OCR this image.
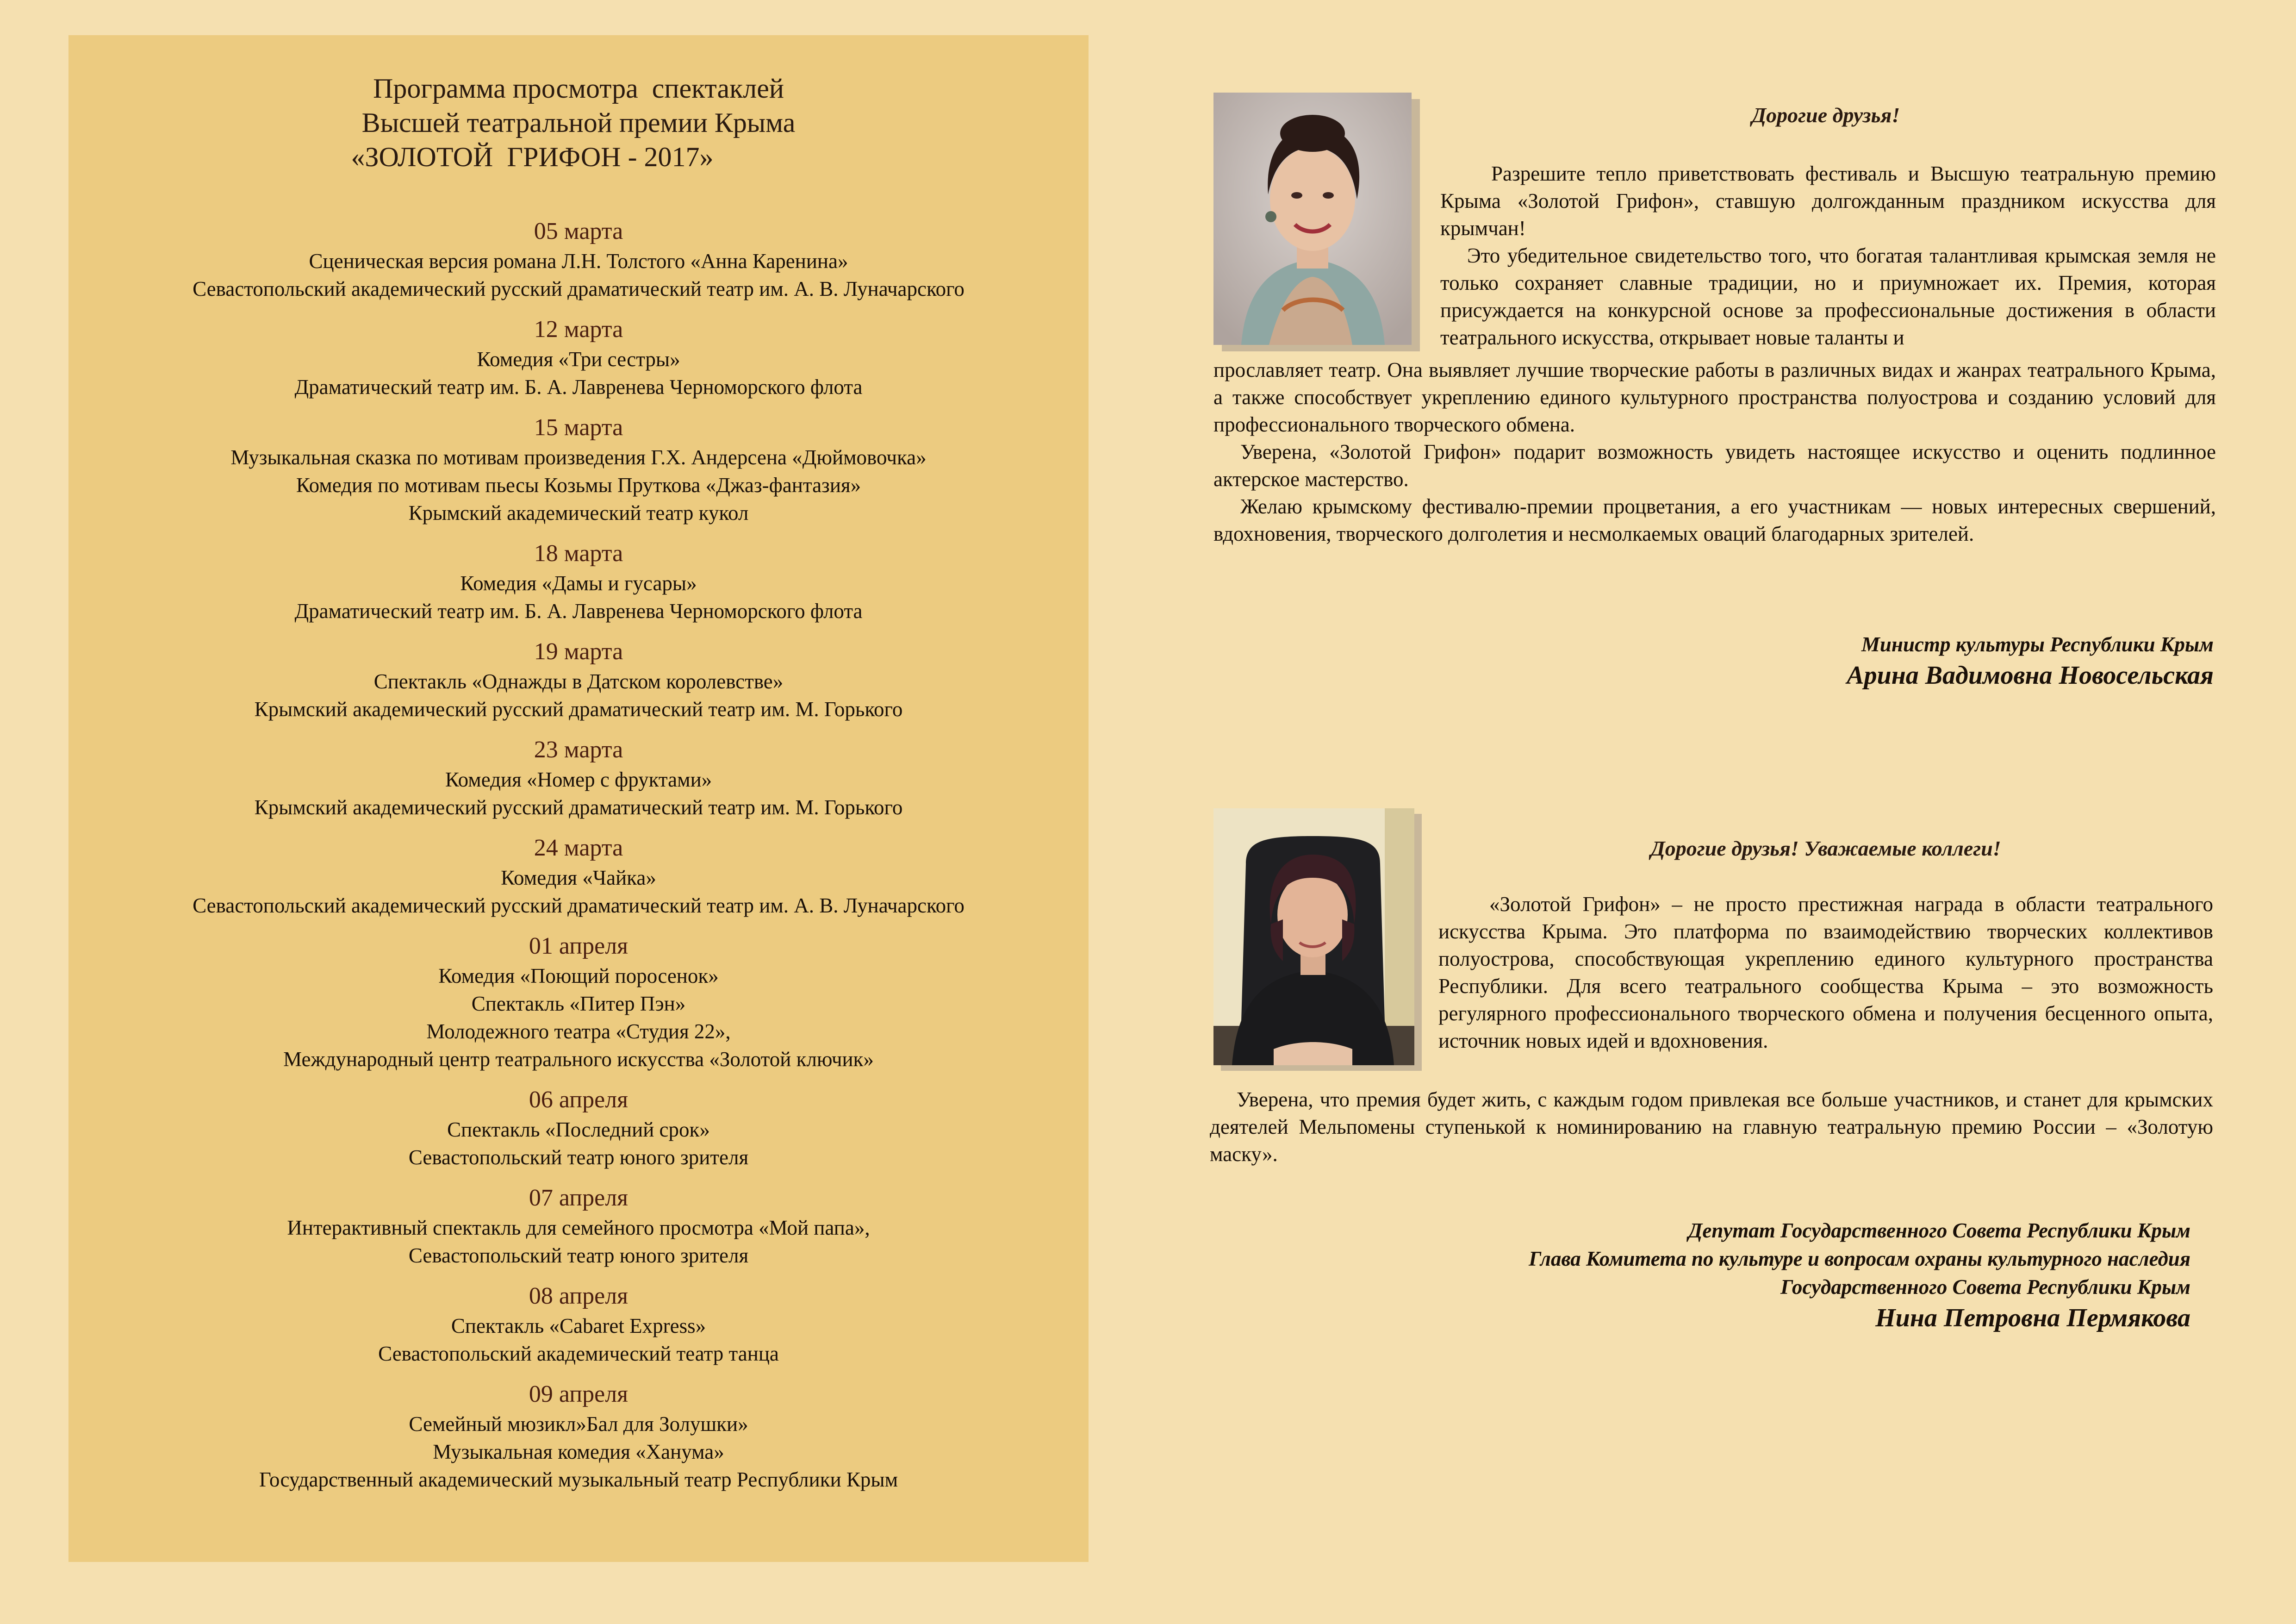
Программа просмотра  спектаклей
Высшей театральной премии Крыма
«ЗОЛОТОЙ  ГРИФОН - 2017»
05 марта
Сценическая версия романа Л.Н. Толстого «Анна Каренина»
Севастопольский академический русский драматический театр им. А. В. Луначарского
12 марта
Комедия «Три сестры»
Драматический театр им. Б. А. Лавренева Черноморского флота
15 марта
Музыкальная сказка по мотивам произведения Г.Х. Андерсена «Дюймовочка»
Комедия по мотивам пьесы Козьмы Пруткова «Джаз-фантазия»
Крымский академический театр кукол
18 марта
Комедия «Дамы и гусары»
Драматический театр им. Б. А. Лавренева Черноморского флота
19 марта
Спектакль «Однажды в Датском королевстве»
Крымский академический русский драматический театр им. М. Горького
23 марта
Комедия «Номер с фруктами»
Крымский академический русский драматический театр им. М. Горького
24 марта
Комедия «Чайка»
Севастопольский академический русский драматический театр им. А. В. Луначарского
01 апреля
Комедия «Поющий поросенок»
Спектакль «Питер Пэн»
Молодежного театра «Студия 22»,
Международный центр театрального искусства «Золотой ключик»
06 апреля
Спектакль «Последний срок»
Севастопольский театр юного зрителя
07 апреля
Интерактивный спектакль для семейного просмотра «Мой папа»,
Севастопольский театр юного зрителя
08 апреля
Спектакль «Cabaret Express»
Севастопольский академический театр танца
09 апреля
Семейный мюзикл»Бал для Золушки»
Музыкальная комедия «Ханума»
Государственный академический музыкальный театр Республики Крым
Дорогие друзья!

Разрешите тепло приветствовать фестиваль и Высшую театральную премию Крыма «Золотой Грифон», ставшую долгожданным праздником искусства для крымчан!

Это убедительное свидетельство того, что богатая талантливая крымская земля не только сохраняет славные традиции, но и приумножает их. Премия, которая присуждается на конкурсной основе за профессиональные достижения в области театрального искусства, открывает новые таланты и

прославляет театр. Она выявляет лучшие творческие работы в различных видах и жанрах театрального Крыма, а также способствует укреплению единого культурного пространства полуострова и созданию условий для профессионального творческого обмена.

Уверена, «Золотой Грифон» подарит возможность увидеть настоящее искусство и оценить подлинное актерское мастерство.

Желаю крымскому фестивалю-премии процветания, а его участникам — новых интересных свершений, вдохновения, творческого долголетия и несмолкаемых оваций благодарных зрителей.

Министр культуры Республики Крым
Арина Вадимовна Новосельская
Дорогие друзья! Уважаемые коллеги!

«Золотой Грифон» – не просто престижная награда в области театрального искусства Крыма. Это платформа по взаимодействию творческих коллективов полуострова, способствующая укреплению единого культурного пространства Республики. Для всего театрального сообщества Крыма – это возможность регулярного профессионального творческого обмена и получения бесценного опыта, источник новых идей и вдохновения.

Уверена, что премия будет жить, с каждым годом привлекая все больше участников, и станет для крымских деятелей Мельпомены ступенькой к номинированию на главную театральную премию России – «Золотую маску».

Депутат Государственного Совета Республики Крым
Глава Комитета по культуре и вопросам охраны культурного наследия
Государственного Совета Республики Крым
Нина Петровна Пермякова
